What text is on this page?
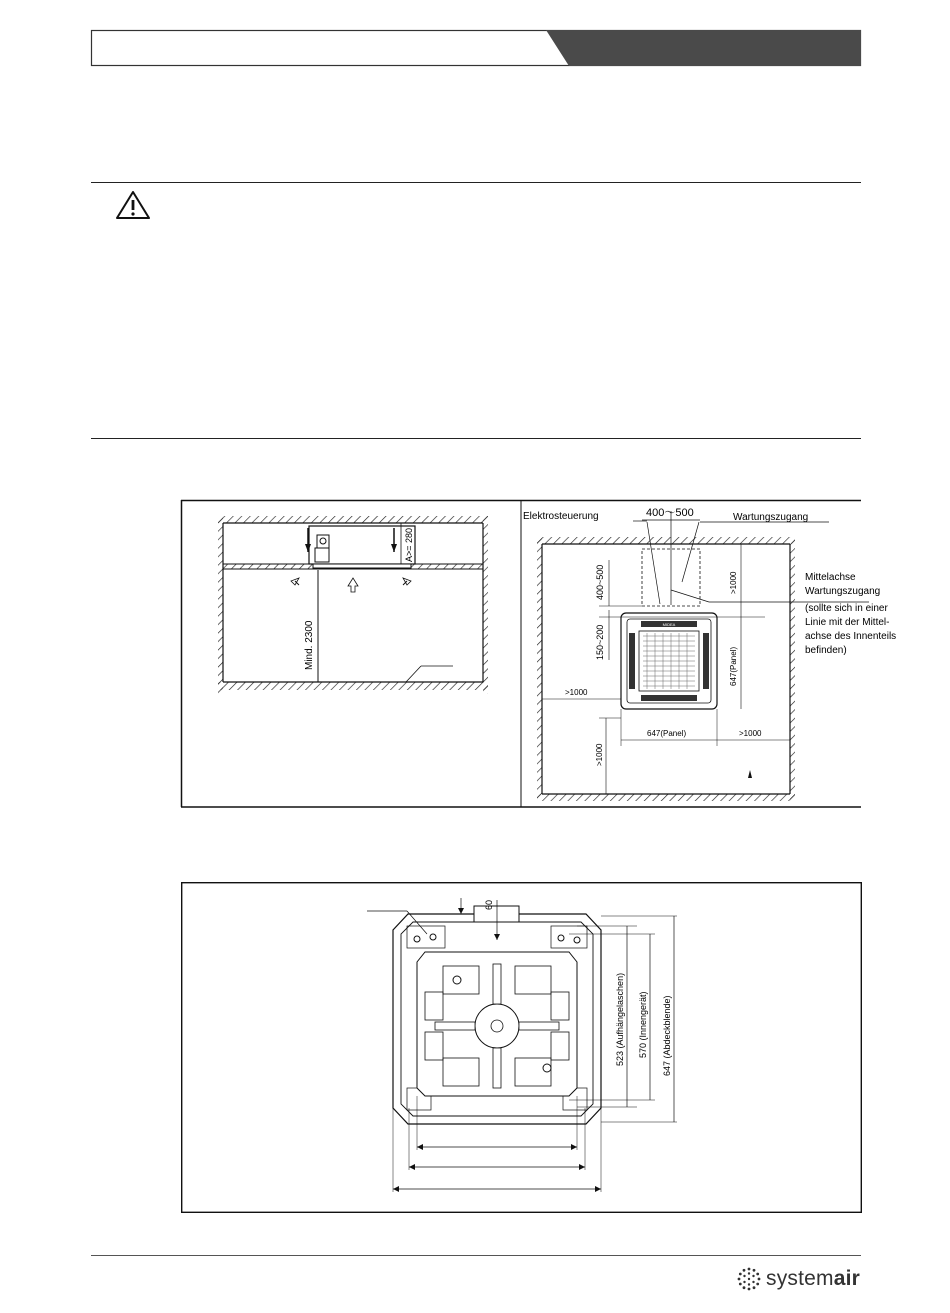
A>= 280
Mind. 2300	MIDEA
400~500
150~200
>1000
647(Panel)
>1000
647(Panel)	>1000
>1000
Elektrosteuerung	400～500	Wartungszugang
Mittelachse
Wartungszugang
(sollte sich in einer
Linie mit der Mittel-
achse des Innenteils
befinden)
60
523 (Aufhängelaschen) 570 (Innengerät) 647 (Abdeckblende)
systemair
